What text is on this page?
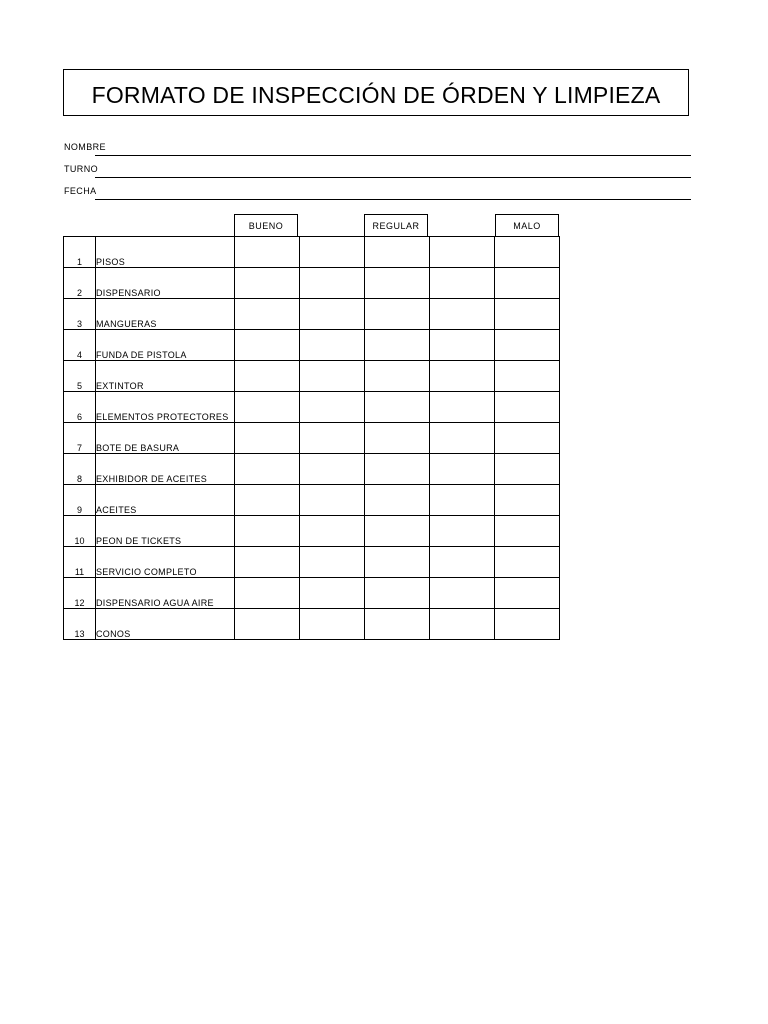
FORMATO DE INSPECCIÓN DE ÓRDEN Y LIMPIEZA
NOMBRE
TURNO
FECHA
BUENO	REGULAR	MALO
1	PISOS					
2	DISPENSARIO					
3	MANGUERAS					
4	FUNDA DE PISTOLA					
5	EXTINTOR					
6	ELEMENTOS PROTECTORES					
7	BOTE DE BASURA					
8	EXHIBIDOR DE ACEITES					
9	ACEITES					
10	PEON DE TICKETS					
11	SERVICIO COMPLETO					
12	DISPENSARIO AGUA AIRE					
13	CONOS					
